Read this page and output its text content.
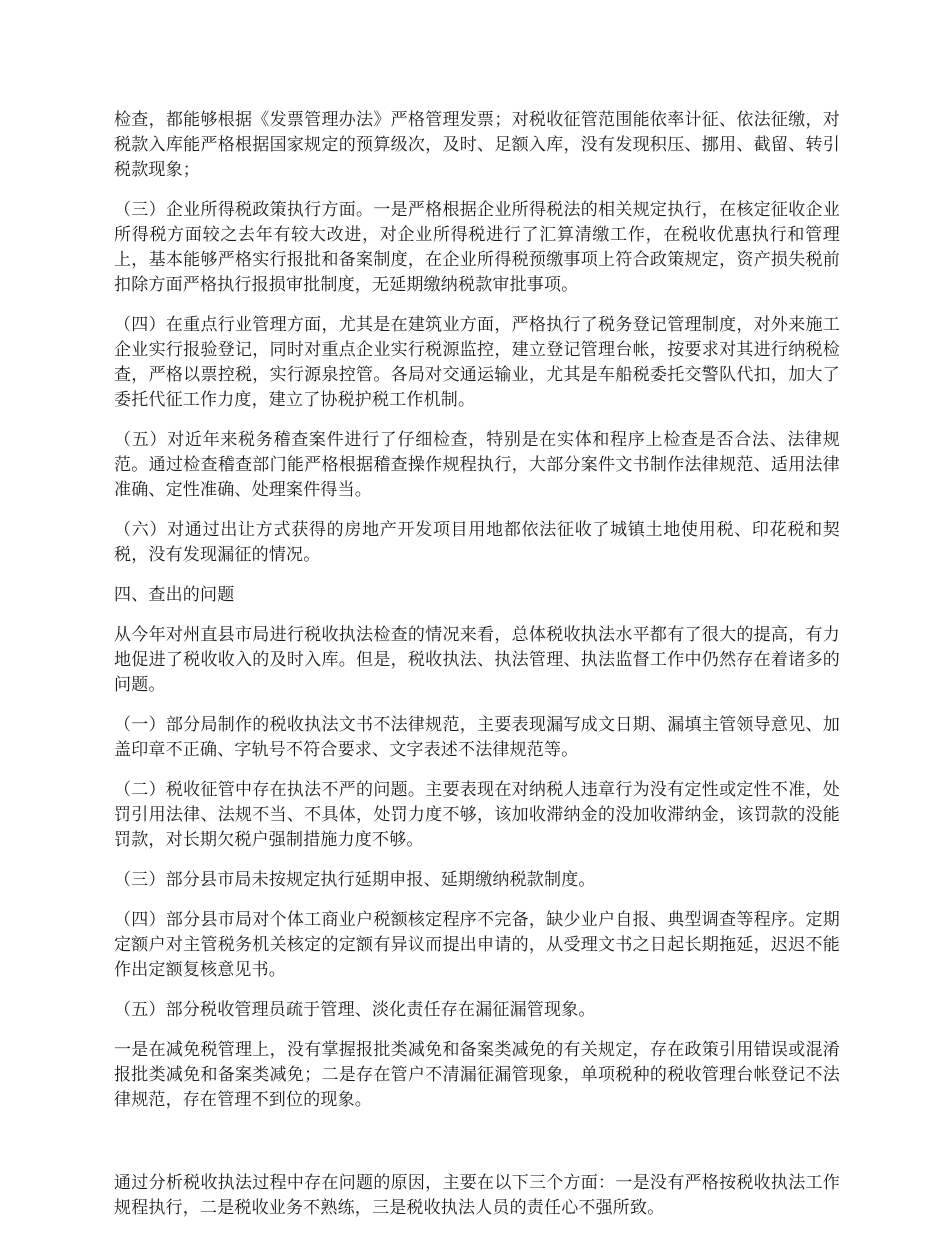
检查，都能够根据《发票管理办法》严格管理发票；对税收征管范围能依率计征、依法征缴，对税款入库能严格根据国家规定的预算级次，及时、足额入库，没有发现积压、挪用、截留、转引税款现象；

（三）企业所得税政策执行方面。一是严格根据企业所得税法的相关规定执行，在核定征收企业所得税方面较之去年有较大改进，对企业所得税进行了汇算清缴工作，在税收优惠执行和管理上，基本能够严格实行报批和备案制度，在企业所得税预缴事项上符合政策规定，资产损失税前扣除方面严格执行报损审批制度，无延期缴纳税款审批事项。

（四）在重点行业管理方面，尤其是在建筑业方面，严格执行了税务登记管理制度，对外来施工企业实行报验登记，同时对重点企业实行税源监控，建立登记管理台帐，按要求对其进行纳税检查，严格以票控税，实行源泉控管。各局对交通运输业，尤其是车船税委托交警队代扣，加大了委托代征工作力度，建立了协税护税工作机制。

（五）对近年来税务稽查案件进行了仔细检查，特别是在实体和程序上检查是否合法、法律规范。通过检查稽查部门能严格根据稽查操作规程执行，大部分案件文书制作法律规范、适用法律准确、定性准确、处理案件得当。

（六）对通过出让方式获得的房地产开发项目用地都依法征收了城镇土地使用税、印花税和契税，没有发现漏征的情况。

四、查出的问题

从今年对州直县市局进行税收执法检查的情况来看，总体税收执法水平都有了很大的提高，有力地促进了税收收入的及时入库。但是，税收执法、执法管理、执法监督工作中仍然存在着诸多的问题。

（一）部分局制作的税收执法文书不法律规范，主要表现漏写成文日期、漏填主管领导意见、加盖印章不正确、字轨号不符合要求、文字表述不法律规范等。

（二）税收征管中存在执法不严的问题。主要表现在对纳税人违章行为没有定性或定性不准，处罚引用法律、法规不当、不具体，处罚力度不够，该加收滞纳金的没加收滞纳金，该罚款的没能罚款，对长期欠税户强制措施力度不够。

（三）部分县市局未按规定执行延期申报、延期缴纳税款制度。

（四）部分县市局对个体工商业户税额核定程序不完备，缺少业户自报、典型调查等程序。定期定额户对主管税务机关核定的定额有异议而提出申请的，从受理文书之日起长期拖延，迟迟不能作出定额复核意见书。

（五）部分税收管理员疏于管理、淡化责任存在漏征漏管现象。

一是在减免税管理上，没有掌握报批类减免和备案类减免的有关规定，存在政策引用错误或混淆报批类减免和备案类减免；二是存在管户不清漏征漏管现象，单项税种的税收管理台帐登记不法律规范，存在管理不到位的现象。

通过分析税收执法过程中存在问题的原因，主要在以下三个方面：一是没有严格按税收执法工作规程执行，二是税收业务不熟练，三是税收执法人员的责任心不强所致。
